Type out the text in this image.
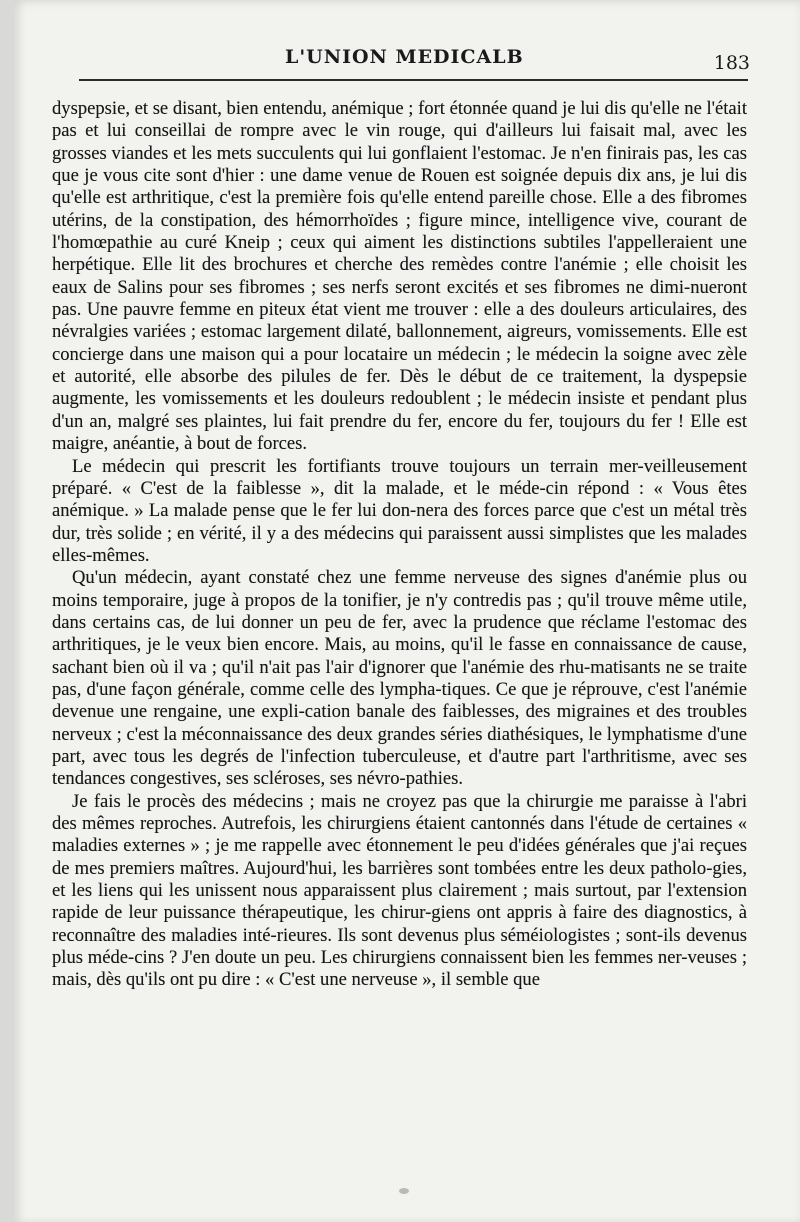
L'UNION MEDICALB	183

dyspepsie, et se disant, bien entendu, anémique ; fort étonnée quand je lui dis qu'elle ne l'était pas et lui conseillai de rompre avec le vin rouge, qui d'ailleurs lui faisait mal, avec les grosses viandes et les mets succulents qui lui gonflaient l'estomac. Je n'en finirais pas, les cas que je vous cite sont d'hier : une dame venue de Rouen est soignée depuis dix ans, je lui dis qu'elle est arthritique, c'est la première fois qu'elle entend pareille chose. Elle a des fibromes utérins, de la constipation, des hémorrhoïdes ; figure mince, intelligence vive, courant de l'homœpathie au curé Kneip ; ceux qui aiment les distinctions subtiles l'appelleraient une herpétique. Elle lit des brochures et cherche des remèdes contre l'anémie ; elle choisit les eaux de Salins pour ses fibromes ; ses nerfs seront excités et ses fibromes ne dimi-nueront pas. Une pauvre femme en piteux état vient me trouver : elle a des douleurs articulaires, des névralgies variées ; estomac largement dilaté, ballonnement, aigreurs, vomissements. Elle est concierge dans une maison qui a pour locataire un médecin ; le médecin la soigne avec zèle et autorité, elle absorbe des pilules de fer. Dès le début de ce traitement, la dyspepsie augmente, les vomissements et les douleurs redoublent ; le médecin insiste et pendant plus d'un an, malgré ses plaintes, lui fait prendre du fer, encore du fer, toujours du fer ! Elle est maigre, anéantie, à bout de forces.

Le médecin qui prescrit les fortifiants trouve toujours un terrain mer-veilleusement préparé. « C'est de la faiblesse », dit la malade, et le méde-cin répond : « Vous êtes anémique. » La malade pense que le fer lui don-nera des forces parce que c'est un métal très dur, très solide ; en vérité, il y a des médecins qui paraissent aussi simplistes que les malades elles-mêmes.

Qu'un médecin, ayant constaté chez une femme nerveuse des signes d'anémie plus ou moins temporaire, juge à propos de la tonifier, je n'y contredis pas ; qu'il trouve même utile, dans certains cas, de lui donner un peu de fer, avec la prudence que réclame l'estomac des arthritiques, je le veux bien encore. Mais, au moins, qu'il le fasse en connaissance de cause, sachant bien où il va ; qu'il n'ait pas l'air d'ignorer que l'anémie des rhu-matisants ne se traite pas, d'une façon générale, comme celle des lympha-tiques. Ce que je réprouve, c'est l'anémie devenue une rengaine, une expli-cation banale des faiblesses, des migraines et des troubles nerveux ; c'est la méconnaissance des deux grandes séries diathésiques, le lymphatisme d'une part, avec tous les degrés de l'infection tuberculeuse, et d'autre part l'arthritisme, avec ses tendances congestives, ses scléroses, ses névro-pathies.

Je fais le procès des médecins ; mais ne croyez pas que la chirurgie me paraisse à l'abri des mêmes reproches. Autrefois, les chirurgiens étaient cantonnés dans l'étude de certaines « maladies externes » ; je me rappelle avec étonnement le peu d'idées générales que j'ai reçues de mes premiers maîtres. Aujourd'hui, les barrières sont tombées entre les deux patholo-gies, et les liens qui les unissent nous apparaissent plus clairement ; mais surtout, par l'extension rapide de leur puissance thérapeutique, les chirur-giens ont appris à faire des diagnostics, à reconnaître des maladies inté-rieures. Ils sont devenus plus séméiologistes ; sont-ils devenus plus méde-cins ? J'en doute un peu. Les chirurgiens connaissent bien les femmes ner-veuses ; mais, dès qu'ils ont pu dire : « C'est une nerveuse », il semble que
